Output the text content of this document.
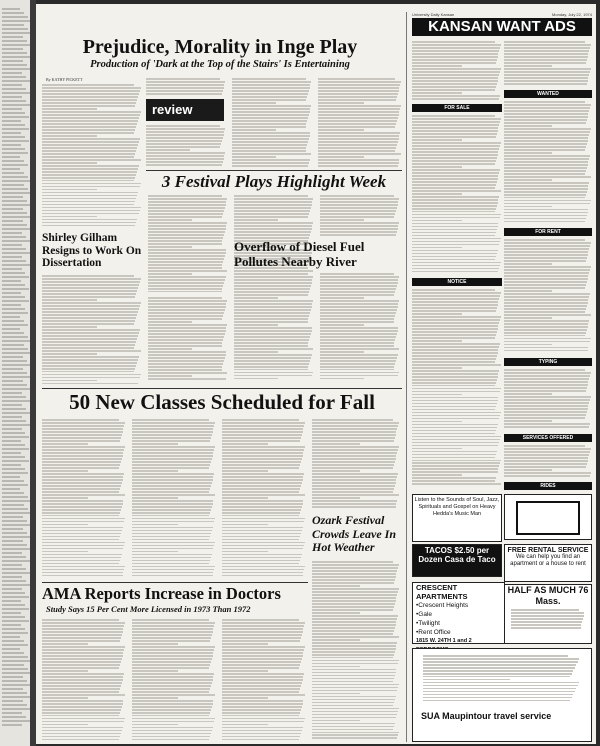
University Daily Kansan	Monday, July 22, 1974
Prejudice, Morality in Inge Play
Production of 'Dark at the Top of the Stairs' Is Entertaining
By KATHY PICKETT
review
Shirley Gilham Resigns to Work On Dissertation
3 Festival Plays Highlight Week
Overflow of Diesel Fuel Pollutes Nearby River
50 New Classes Scheduled for Fall
Ozark Festival Crowds Leave In Hot Weather
AMA Reports Increase in Doctors
Study Says 15 Per Cent More Licensed in 1973 Than 1972
KANSAN WANT ADS
FOR SALE
WANTED
FOR RENT
NOTICE
TYPING
SERVICES OFFERED
RIDES
Listen to the Sounds of Soul, Jazz, Spirituals and Gospel on Heavy Hedda's Music Man
TACOS $2.50 per Dozen Casa de Taco
FREE RENTAL SERVICE
We can help you find an apartment or a house to rent
CRESCENT APARTMENTS
•Crescent Heights
•Gale
•Twilight
•Rent Office
1815 W. 24TH 1 and 2
HALF AS MUCH 76 Mass.
SUA Maupintour travel service
